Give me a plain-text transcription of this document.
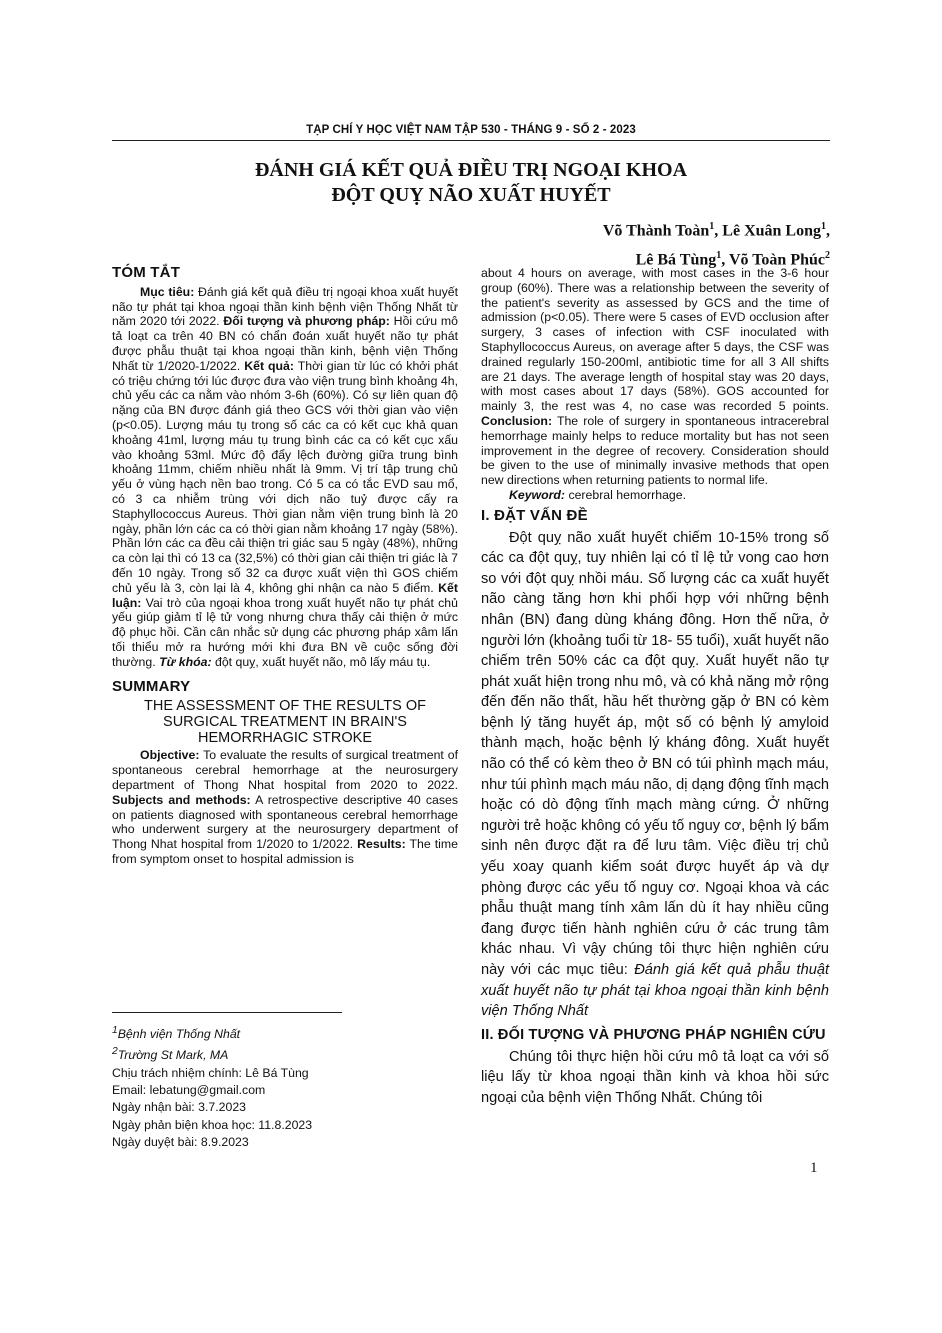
TẠP CHÍ Y HỌC VIỆT NAM TẬP 530 - THÁNG 9 - SỐ 2 - 2023
ĐÁNH GIÁ KẾT QUẢ ĐIỀU TRỊ NGOẠI KHOA
ĐỘT QUỴ NÃO XUẤT HUYẾT
Võ Thành Toàn$^1$, Lê Xuân Long$^1$,
Lê Bá Tùng$^1$, Võ Toàn Phúc$^2$
TÓM TẮT

Mục tiêu: Đánh giá kết quả điều trị ngoại khoa xuất huyết não tự phát tại khoa ngoại thần kinh bệnh viện Thống Nhất từ năm 2020 tới 2022. Đối tượng và phương pháp: Hồi cứu mô tả loạt ca trên 40 BN có chẩn đoán xuất huyết não tự phát được phẫu thuật tại khoa ngoại thần kinh, bệnh viện Thống Nhất từ 1/2020-1/2022. Kết quả: Thời gian từ lúc có khởi phát có triệu chứng tới lúc được đưa vào viện trung bình khoảng 4h, chủ yếu các ca nằm vào nhóm 3-6h (60%). Có sự liên quan độ nặng của BN được đánh giá theo GCS với thời gian vào viện (p<0.05). Lượng máu tụ trong số các ca có kết cục khả quan khoảng 41ml, lượng máu tụ trung bình các ca có kết cục xấu vào khoảng 53ml. Mức độ đẩy lệch đường giữa trung bình khoảng 11mm, chiếm nhiều nhất là 9mm. Vị trí tập trung chủ yếu ở vùng hạch nền bao trong. Có 5 ca có tắc EVD sau mổ, có 3 ca nhiễm trùng với dịch não tuỷ được cấy ra Staphyllococcus Aureus. Thời gian nằm viện trung bình là 20 ngày, phần lớn các ca có thời gian nằm khoảng 17 ngày (58%). Phần lớn các ca đều cải thiện tri giác sau 5 ngày (48%), những ca còn lại thì có 13 ca (32,5%) có thời gian cải thiện tri giác là 7 đến 10 ngày. Trong số 32 ca được xuất viện thì GOS chiếm chủ yếu là 3, còn lại là 4, không ghi nhận ca nào 5 điểm. Kết luận: Vai trò của ngoại khoa trong xuất huyết não tự phát chủ yếu giúp giảm tỉ lệ tử vong nhưng chưa thấy cải thiện ở mức độ phục hồi. Cần cân nhắc sử dụng các phương pháp xâm lấn tối thiểu mở ra hướng mới khi đưa BN về cuộc sống đời thường. Từ khóa: đột quỵ, xuất huyết não, mô lấy máu tụ.

SUMMARY
THE ASSESSMENT OF THE RESULTS OF SURGICAL TREATMENT IN BRAIN'S HEMORRHAGIC STROKE

Objective: To evaluate the results of surgical treatment of spontaneous cerebral hemorrhage at the neurosurgery department of Thong Nhat hospital from 2020 to 2022. Subjects and methods: A retrospective descriptive 40 cases on patients diagnosed with spontaneous cerebral hemorrhage who underwent surgery at the neurosurgery department of Thong Nhat hospital from 1/2020 to 1/2022. Results: The time from symptom onset to hospital admission is

$^1$Bệnh viện Thống Nhất
$^2$Trường St Mark, MA
Chịu trách nhiệm chính: Lê Bá Tùng
Email: lebatung@gmail.com
Ngày nhận bài: 3.7.2023
Ngày phản biện khoa học: 11.8.2023
Ngày duyệt bài: 8.9.2023

about 4 hours on average, with most cases in the 3-6 hour group (60%). There was a relationship between the severity of the patient's severity as assessed by GCS and the time of admission (p<0.05). There were 5 cases of EVD occlusion after surgery, 3 cases of infection with CSF inoculated with Staphyllococcus Aureus, on average after 5 days, the CSF was drained regularly 150-200ml, antibiotic time for all 3 All shifts are 21 days. The average length of hospital stay was 20 days, with most cases about 17 days (58%). GOS accounted for mainly 3, the rest was 4, no case was recorded 5 points. Conclusion: The role of surgery in spontaneous intracerebral hemorrhage mainly helps to reduce mortality but has not seen improvement in the degree of recovery. Consideration should be given to the use of minimally invasive methods that open new directions when returning patients to normal life.

Keyword: cerebral hemorrhage.

I. ĐẶT VẤN ĐỀ

Đột quỵ não xuất huyết chiếm 10-15% trong số các ca đột quỵ, tuy nhiên lại có tỉ lệ tử vong cao hơn so với đột quỵ nhồi máu. Số lượng các ca xuất huyết não càng tăng hơn khi phối hợp với những bệnh nhân (BN) đang dùng kháng đông. Hơn thế nữa, ở người lớn (khoảng tuổi từ 18- 55 tuổi), xuất huyết não chiếm trên 50% các ca đột quỵ. Xuất huyết não tự phát xuất hiện trong nhu mô, và có khả năng mở rộng đến đến não thất, hầu hết thường gặp ở BN có kèm bệnh lý tăng huyết áp, một số có bệnh lý amyloid thành mạch, hoặc bệnh lý kháng đông. Xuất huyết não có thể có kèm theo ở BN có túi phình mạch máu, như túi phình mạch máu não, dị dạng động tĩnh mạch hoặc có dò động tĩnh mạch màng cứng. Ở những người trẻ hoặc không có yếu tố nguy cơ, bệnh lý bẩm sinh nên được đặt ra để lưu tâm. Việc điều trị chủ yếu xoay quanh kiểm soát được huyết áp và dự phòng được các yếu tố nguy cơ. Ngoại khoa và các phẫu thuật mang tính xâm lấn dù ít hay nhiều cũng đang được tiến hành nghiên cứu ở các trung tâm khác nhau. Vì vậy chúng tôi thực hiện nghiên cứu này với các mục tiêu: Đánh giá kết quả phẫu thuật xuất huyết não tự phát tại khoa ngoại thần kinh bệnh viện Thống Nhất

II. ĐỐI TƯỢNG VÀ PHƯƠNG PHÁP NGHIÊN CỨU

Chúng tôi thực hiện hồi cứu mô tả loạt ca với số liệu lấy từ khoa ngoại thần kinh và khoa hồi sức ngoại của bệnh viện Thống Nhất. Chúng tôi

1
